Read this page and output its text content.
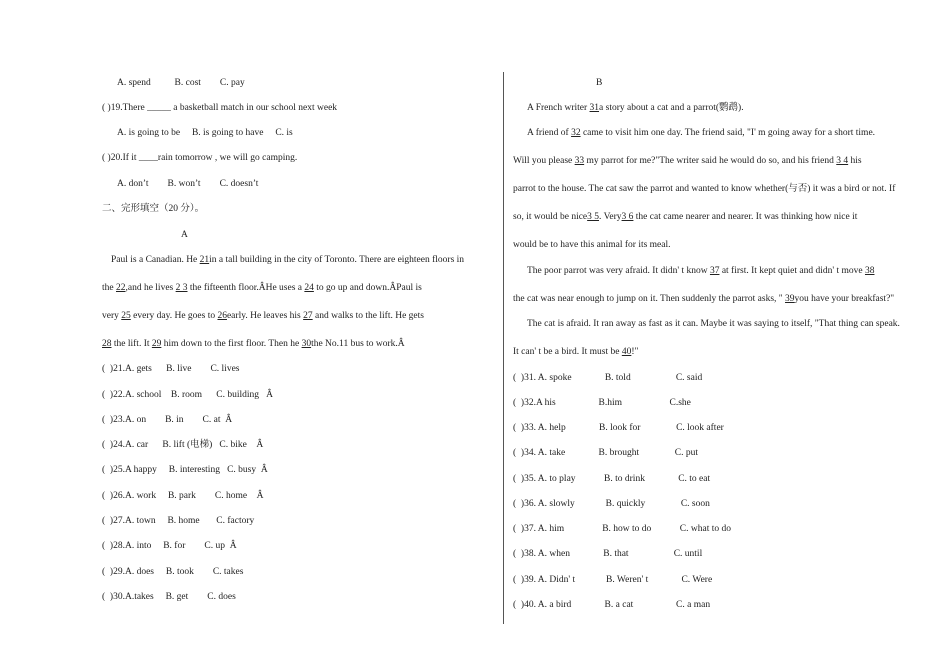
A. spend          B. cost        C. pay
( )19.There _____ a basketball match in our school next week
A. is going to be     B. is going to have     C. is
( )20.If it ____rain tomorrow , we will go camping.
A. don’t        B. won’t        C. doesn’t
二、完形填空（20 分）。
A
Paul is a Canadian. He 21in a tall building in the city of Toronto. There are eighteen floors in
the 22,and he lives 2 3 the fifteenth floor.ÂHe uses a 24 to go up and down.ÂPaul is
very 25 every day. He goes to 26early. He leaves his 27 and walks to the lift. He gets
28 the lift. It 29 him down to the first floor. Then he 30the No.11 bus to work.Â
(  )21.A. gets      B. live        C. lives
(  )22.A. school    B. room      C. building   Â
(  )23.A. on        B. in        C. at  Â
(  )24.A. car      B. lift (电梯)   C. bike    Â
(  )25.A happy     B. interesting   C. busy  Â
(  )26.A. work     B. park        C. home    Â
(  )27.A. town     B. home       C. factory
(  )28.A. into     B. for        C. up  Â
(  )29.A. does     B. took        C. takes
(  )30.A.takes     B. get        C. does
B
A French writer 31a story about a cat and a parrot(鹦鹉).
A friend of 32 came to visit him one day. The friend said, "I' m going away for a short time.
Will you please 33 my parrot for me?"The writer said he would do so, and his friend 3 4 his
parrot to the house. The cat saw the parrot and wanted to know whether(与否) it was a bird or not. If
so, it would be nice3 5. Very3 6 the cat came nearer and nearer. It was thinking how nice it
would be to have this animal for its meal.
The poor parrot was very afraid. It didn' t know 37 at first. It kept quiet and didn' t move 38
the cat was near enough to jump on it. Then suddenly the parrot asks, " 39you have your breakfast?"
The cat is afraid. It ran away as fast as it can. Maybe it was saying to itself, "That thing can speak.
It can' t be a bird. It must be 40!"
(  )31. A. spoke              B. told                   C. said
(  )32.A his                  B.him                    C.she
(  )33. A. help              B. look for               C. look after
(  )34. A. take              B. brought               C. put
(  )35. A. to play            B. to drink              C. to eat
(  )36. A. slowly             B. quickly               C. soon
(  )37. A. him                B. how to do            C. what to do
(  )38. A. when              B. that                   C. until
(  )39. A. Didn' t             B. Weren' t              C. Were
(  )40. A. a bird              B. a cat                  C. a man
